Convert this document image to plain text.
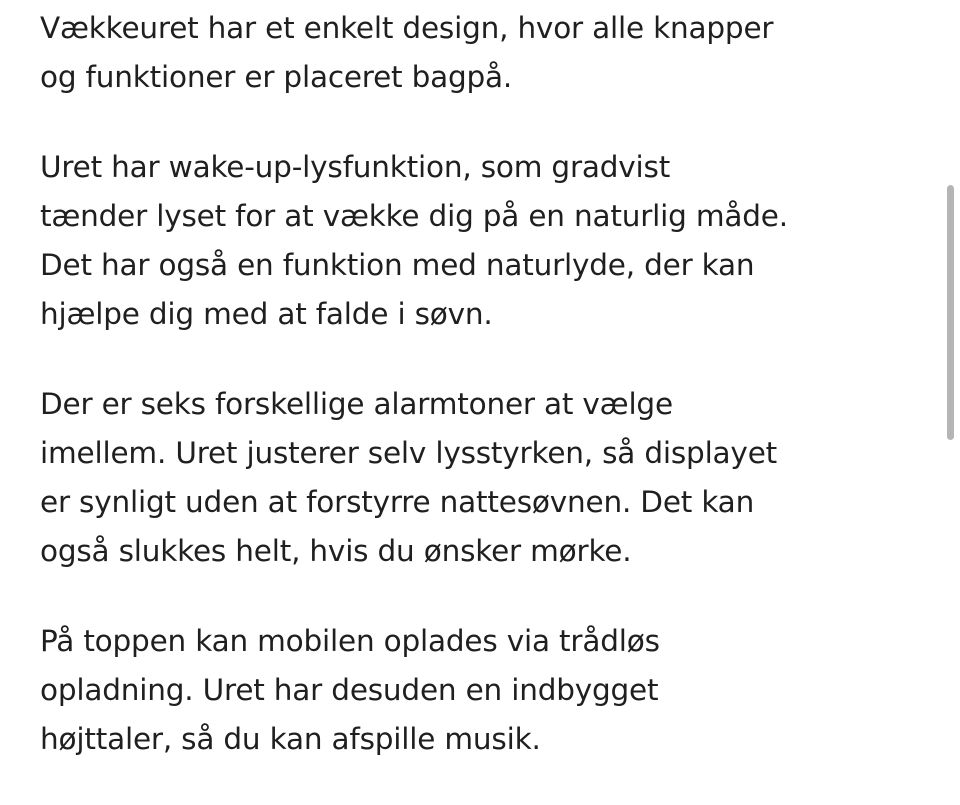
Vækkeuret har et enkelt design, hvor alle knapper
og funktioner er placeret bagpå.

Uret har wake-up-lysfunktion, som gradvist
tænder lyset for at vække dig på en naturlig måde.
Det har også en funktion med naturlyde, der kan
hjælpe dig med at falde i søvn.

Der er seks forskellige alarmtoner at vælge
imellem. Uret justerer selv lysstyrken, så displayet
er synligt uden at forstyrre nattesøvnen. Det kan
også slukkes helt, hvis du ønsker mørke.

På toppen kan mobilen oplades via trådløs
opladning. Uret har desuden en indbygget
højttaler, så du kan afspille musik.
